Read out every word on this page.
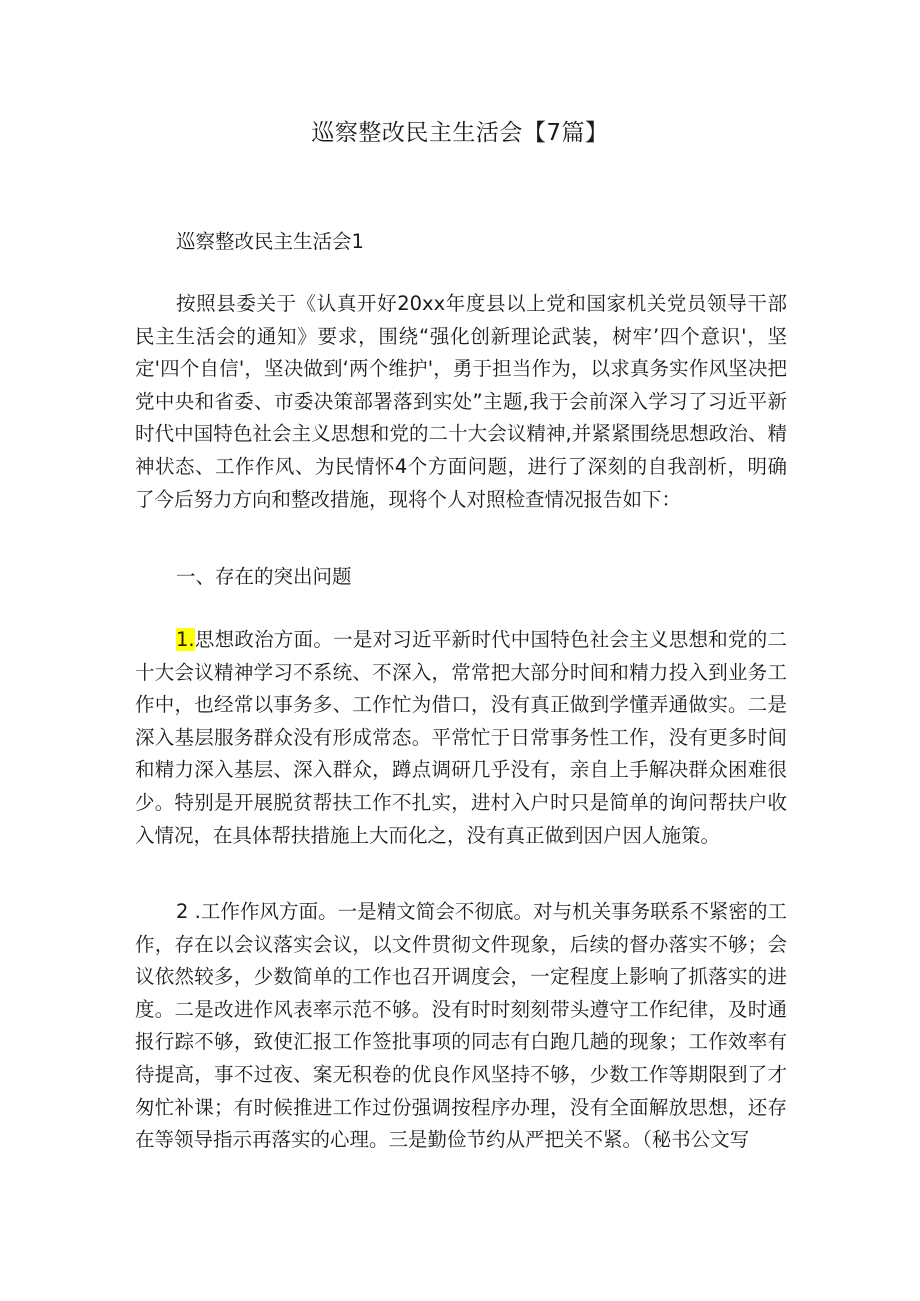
巡察整改民主生活会【7篇】

巡察整改民主生活会1

按照县委关于《认真开好20xx年度县以上党和国家机关党员领导干部民主生活会的通知》要求，围绕“强化创新理论武装，树牢’四个意识'，坚定'四个自信'，坚决做到‘两个维护'，勇于担当作为，以求真务实作风坚决把党中央和省委、市委决策部署落到实处”主题,我于会前深入学习了习近平新时代中国特色社会主义思想和党的二十大会议精神,并紧紧围绕思想政治、精神状态、工作作风、为民情怀4个方面问题，进行了深刻的自我剖析，明确了今后努力方向和整改措施，现将个人对照检查情况报告如下：

一、存在的突出问题

1.思想政治方面。一是对习近平新时代中国特色社会主义思想和党的二十大会议精神学习不系统、不深入，常常把大部分时间和精力投入到业务工作中，也经常以事务多、工作忙为借口，没有真正做到学懂弄通做实。二是深入基层服务群众没有形成常态。平常忙于日常事务性工作，没有更多时间和精力深入基层、深入群众，蹲点调研几乎没有，亲自上手解决群众困难很少。特别是开展脱贫帮扶工作不扎实，进村入户时只是简单的询问帮扶户收入情况，在具体帮扶措施上大而化之，没有真正做到因户因人施策。

2 .工作作风方面。一是精文简会不彻底。对与机关事务联系不紧密的工作，存在以会议落实会议，以文件贯彻文件现象，后续的督办落实不够；会议依然较多，少数简单的工作也召开调度会，一定程度上影响了抓落实的进度。二是改进作风表率示范不够。没有时时刻刻带头遵守工作纪律，及时通报行踪不够，致使汇报工作签批事项的同志有白跑几趟的现象；工作效率有待提高，事不过夜、案无积卷的优良作风坚持不够，少数工作等期限到了才匆忙补课；有时候推进工作过份强调按程序办理，没有全面解放思想，还存在等领导指示再落实的心理。三是勤俭节约从严把关不紧。（秘书公文写
